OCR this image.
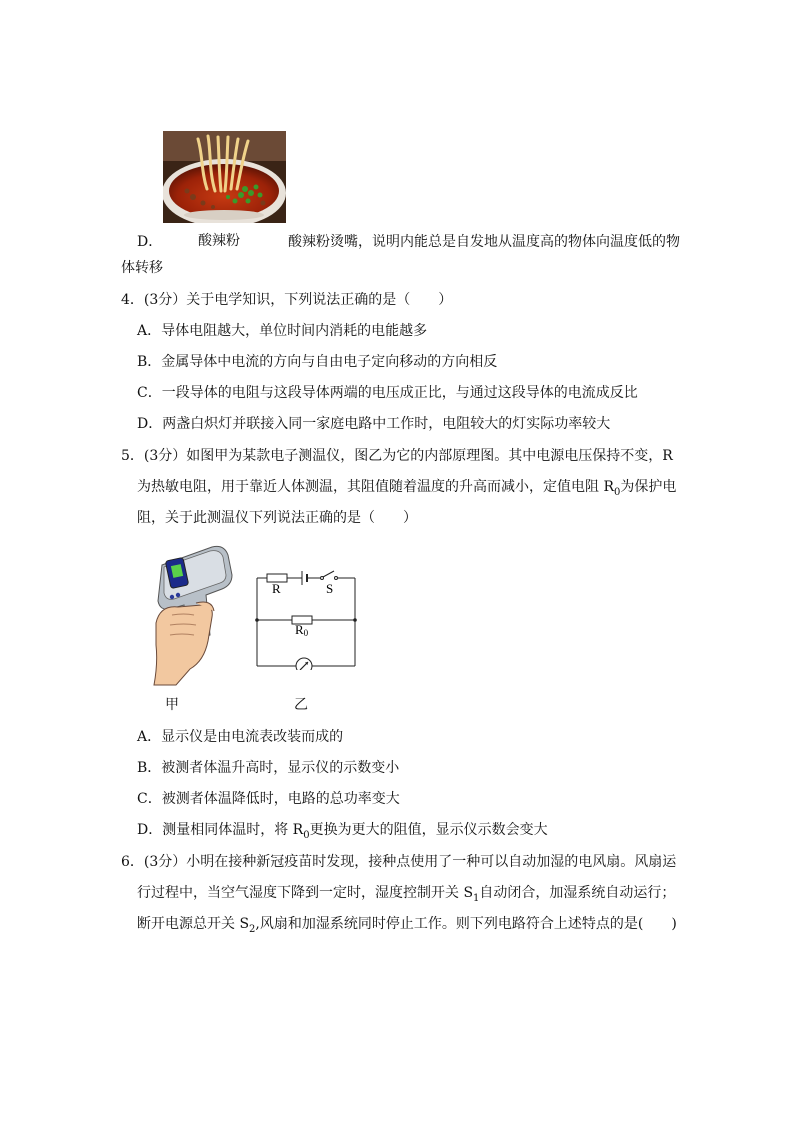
D．	酸辣粉	酸辣粉烫嘴，说明内能总是自发地从温度高的物体向温度低的物
体转移
4．(3分）关于电学知识，下列说法正确的是（　　）
A．导体电阻越大，单位时间内消耗的电能越多
B．金属导体中电流的方向与自由电子定向移动的方向相反
C．一段导体的电阻与这段导体两端的电压成正比，与通过这段导体的电流成反比
D．两盏白炽灯并联接入同一家庭电路中工作时，电阻较大的灯实际功率较大
5．(3分）如图甲为某款电子测温仪，图乙为它的内部原理图。其中电源电压保持不变，R
为热敏电阻，用于靠近人体测温，其阻值随着温度的升高而减小，定值电阻 $R_0$为保护电
阻，关于此测温仪下列说法正确的是（　　）
甲
R	S
R0
乙
A．显示仪是由电流表改装而成的
B．被测者体温升高时，显示仪的示数变小
C．被测者体温降低时，电路的总功率变大
D．测量相同体温时，将 $R_0$更换为更大的阻值，显示仪示数会变大
6．(3分）小明在接种新冠疫苗时发现，接种点使用了一种可以自动加湿的电风扇。风扇运
行过程中，当空气湿度下降到一定时，湿度控制开关 $S_1$自动闭合，加湿系统自动运行；
断开电源总开关 $S_2$,风扇和加湿系统同时停止工作。则下列电路符合上述特点的是(　　)
